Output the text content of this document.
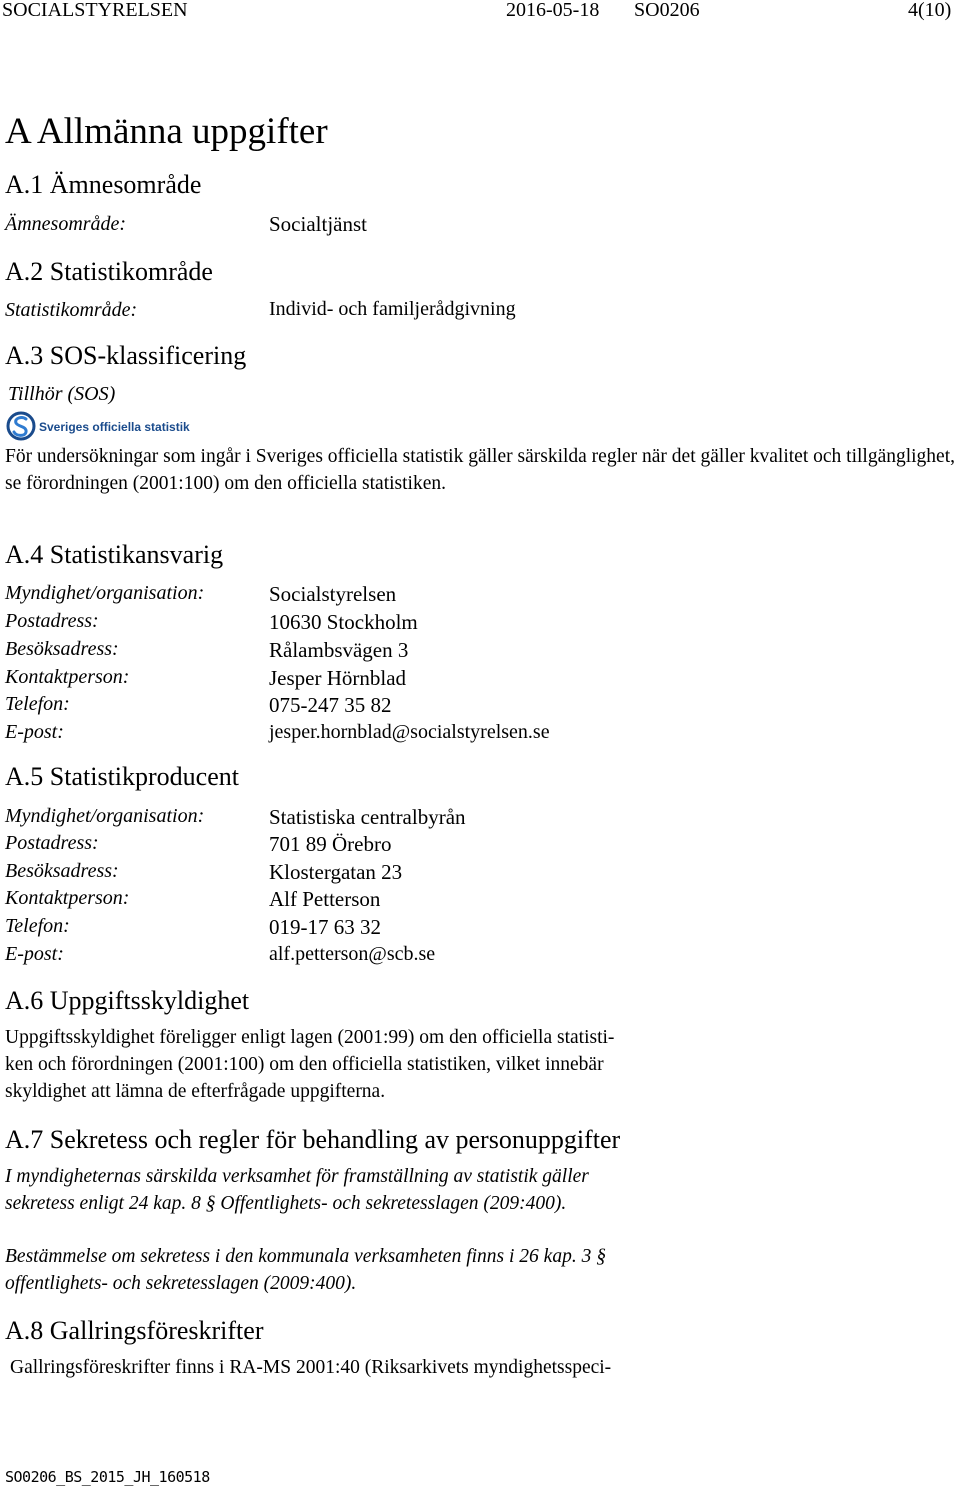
SOCIALSTYRELSEN	2016-05-18 SO0206	4(10)
A Allmänna uppgifter
A.1 Ämnesområde
Ämnesområde:	Socialtjänst
A.2 Statistikområde
Statistikområde:	Individ- och familjerådgivning
A.3 SOS-klassificering
Tillhör (SOS)
Sveriges officiella statistik
För undersökningar som ingår i Sveriges officiella statistik gäller särskilda regler när det gäller kvalitet och tillgänglighet, se förordningen (2001:100) om den officiella statistiken.
A.4 Statistikansvarig
Myndighet/organisation:	Socialstyrelsen
Postadress:	10630 Stockholm
Besöksadress:	Rålambsvägen 3
Kontaktperson:	Jesper Hörnblad
Telefon:	075-247 35 82
E-post:	jesper.hornblad@socialstyrelsen.se
A.5 Statistikproducent
Myndighet/organisation:	Statistiska centralbyrån
Postadress:	701 89 Örebro
Besöksadress:	Klostergatan 23
Kontaktperson:	Alf Petterson
Telefon:	019-17 63 32
E-post:	alf.petterson@scb.se
A.6 Uppgiftsskyldighet
Uppgiftsskyldighet föreligger enligt lagen (2001:99) om den officiella statisti-
ken och förordningen (2001:100) om den officiella statistiken, vilket innebär
skyldighet att lämna de efterfrågade uppgifterna.
A.7 Sekretess och regler för behandling av personuppgifter
I myndigheternas särskilda verksamhet för framställning av statistik gäller
sekretess enligt 24 kap. 8 § Offentlighets- och sekretesslagen (209:400).
Bestämmelse om sekretess i den kommunala verksamheten finns i 26 kap. 3 §
offentlighets- och sekretesslagen (2009:400).
A.8 Gallringsföreskrifter
Gallringsföreskrifter finns i RA-MS 2001:40 (Riksarkivets myndighetsspeci-
SO0206_BS_2015_JH_160518
